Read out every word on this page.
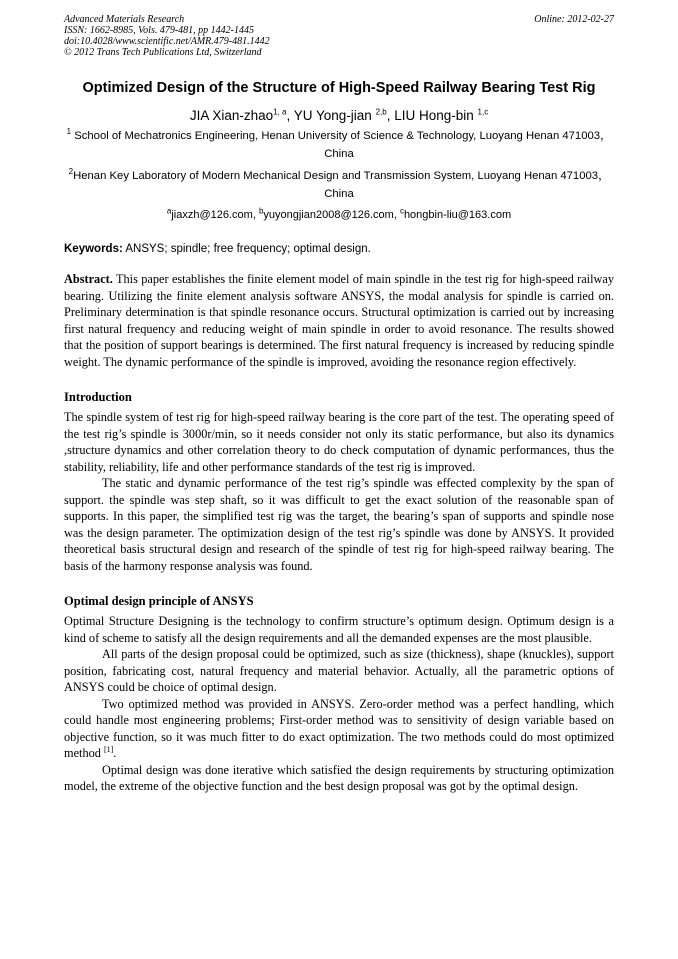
Advanced Materials Research
ISSN: 1662-8985, Vols. 479-481, pp 1442-1445
doi:10.4028/www.scientific.net/AMR.479-481.1442
© 2012 Trans Tech Publications Ltd, Switzerland
Online: 2012-02-27
Optimized Design of the Structure of High-Speed Railway Bearing Test Rig
JIA Xian-zhao$^{1, a}$, YU Yong-jian $^{2,b}$, LIU Hong-bin $^{1,c}$
$^1$ School of Mechatronics Engineering, Henan University of Science & Technology, Luoyang Henan 471003，China
$^2$Henan Key Laboratory of Modern Mechanical Design and Transmission System, Luoyang Henan 471003，China
$^a$jiaxzh@126.com, $^b$yuyongjian2008@126.com, $^c$hongbin-liu@163.com
Keywords: ANSYS; spindle; free frequency; optimal design.
Abstract. This paper establishes the finite element model of main spindle in the test rig for high-speed railway bearing. Utilizing the finite element analysis software ANSYS, the modal analysis for spindle is carried on. Preliminary determination is that spindle resonance occurs. Structural optimization is carried out by increasing first natural frequency and reducing weight of main spindle in order to avoid resonance. The results showed that the position of support bearings is determined. The first natural frequency is increased by reducing spindle weight. The dynamic performance of the spindle is improved, avoiding the resonance region effectively.
Introduction

The spindle system of test rig for high-speed railway bearing is the core part of the test. The operating speed of the test rig’s spindle is 3000r/min, so it needs consider not only its static performance, but also its dynamics ,structure dynamics and other correlation theory to do check computation of dynamic performances, thus the stability, reliability, life and other performance standards of the test rig is improved.

The static and dynamic performance of the test rig’s spindle was effected complexity by the span of support. the spindle was step shaft, so it was difficult to get the exact solution of the reasonable span of supports. In this paper, the simplified test rig was the target, the bearing’s span of supports and spindle nose was the design parameter. The optimization design of the test rig’s spindle was done by ANSYS. It provided theoretical basis structural design and research of the spindle of test rig for high-speed railway bearing. The basis of the harmony response analysis was found.

Optimal design principle of ANSYS

Optimal Structure Designing is the technology to confirm structure’s optimum design. Optimum design is a kind of scheme to satisfy all the design requirements and all the demanded expenses are the most plausible.

All parts of the design proposal could be optimized, such as size (thickness), shape (knuckles), support position, fabricating cost, natural frequency and material behavior. Actually, all the parametric options of ANSYS could be choice of optimal design.

Two optimized method was provided in ANSYS. Zero-order method was a perfect handling, which could handle most engineering problems; First-order method was to sensitivity of design variable based on objective function, so it was much fitter to do exact optimization. The two methods could do most optimized method [1].

Optimal design was done iterative which satisfied the design requirements by structuring optimization model, the extreme of the objective function and the best design proposal was got by the optimal design.
